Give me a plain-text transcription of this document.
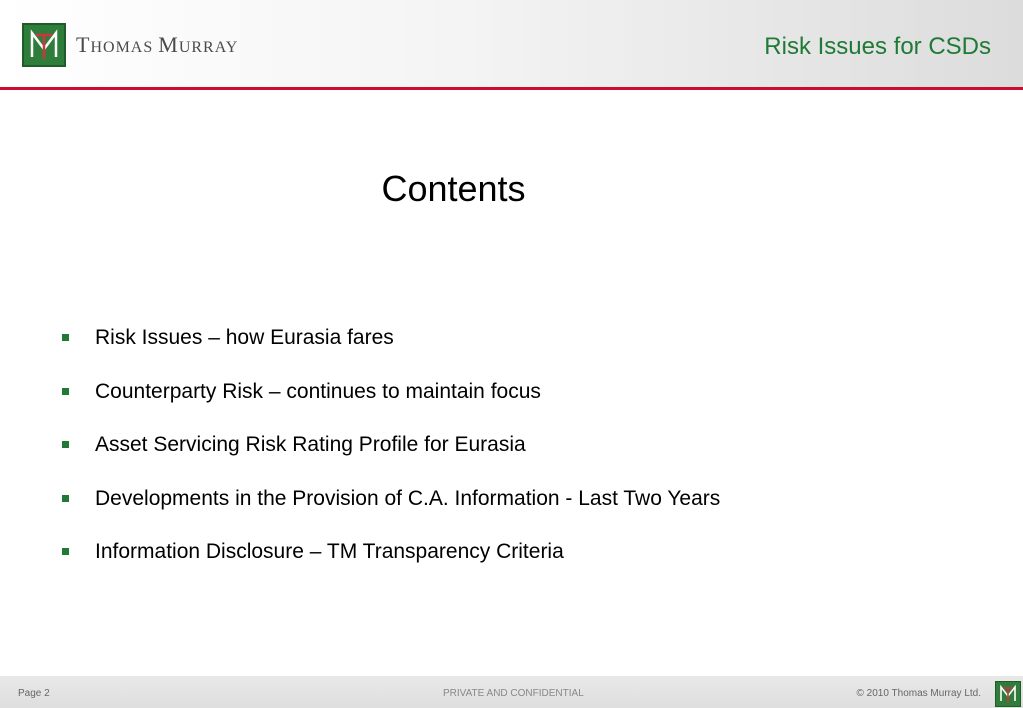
THOMAS MURRAY	Risk Issues for CSDs
Contents
Risk Issues – how Eurasia fares
Counterparty Risk – continues to maintain focus
Asset Servicing Risk Rating Profile for Eurasia
Developments in the Provision of C.A. Information - Last Two Years
Information Disclosure – TM Transparency Criteria
Page 2	PRIVATE AND CONFIDENTIAL	© 2010 Thomas Murray Ltd.
